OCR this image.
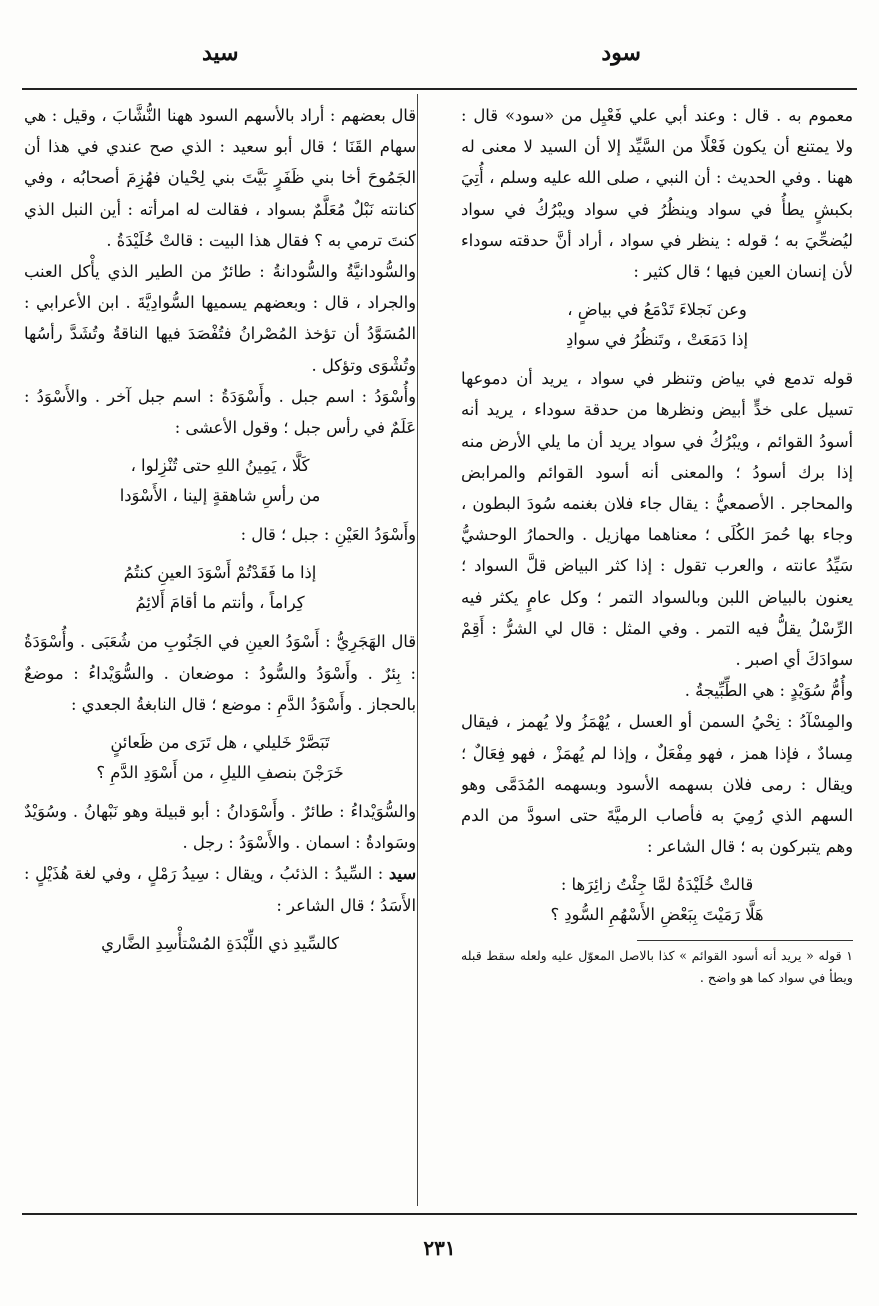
سود
سيد

معموم به . قال : وعند أبي علي فَعْيِل من «سود» قال : ولا يمتنع أن يكون فَعْلًا من السَّيِّد إلا أن السيد لا معنى له ههنا . وفي الحديث : أن النبي ، صلى الله عليه وسلم ، أُتِيَ بكبشٍ يطأُ في سواد وينظُرُ في سواد ويبْرُكُ في سواد ليُضحِّيَ به ؛ قوله : ينظر في سواد ، أراد أنَّ حدقته سوداء لأن إنسان العين فيها ؛ قال كثير :

وعن نَجلاءَ تَدْمَعُ في بياضٍ ،
إذا دَمَعَتْ ، وتَنظُرُ في سوادِ

قوله تدمع في بياض وتنظر في سواد ، يريد أن دموعها تسيل على خدٍّ أبيض ونظرها من حدقة سوداء ، يريد أنه أسودُ القوائم ، ويبْرُكُ في سواد يريد أن ما يلي الأرض منه إذا برك أسودُ ؛ والمعنى أنه أسود القوائم والمرابض والمحاجر . الأصمعيُّ : يقال جاء فلان بغنمه سُودَ البطون ، وجاء بها حُمرَ الكُلَى ؛ معناهما مهازيل . والحمارُ الوحشيُّ سَيِّدُ عانته ، والعرب تقول : إذا كثر البياض قلَّ السواد ؛ يعنون بالبياض اللبن وبالسواد التمر ؛ وكل عامٍ يكثر فيه الرِّسْلُ يقلُّ فيه التمر . وفي المثل : قال لي الشرُّ : أَقِمْ سوادَكَ أي اصبر .

وأُمُّ سُوَيْدٍ : هي الطِّبِّيجةُ .

والمِسْآدُ : نِحْيُ السمن أو العسل ، يُهْمَزُ ولا يُهمز ، فيقال مِسادٌ ، فإذا همز ، فهو مِفْعَلٌ ، وإذا لم يُهمَزْ ، فهو فِعَالٌ ؛ ويقال : رمى فلان بسهمه الأسود وبسهمه المُدَمَّى وهو السهم الذي رُمِيَ به فأصاب الرميَّةَ حتى اسودَّ من الدم وهم يتبركون به ؛ قال الشاعر :

قالتْ خُلَيْدَةُ لمَّا جِئْتُ زائِرَها :
هَلَّا رَمَيْتَ بِبَعْضِ الأَسْهُمِ السُّودِ ؟

١ قوله « يريد أنه أسود القوائم » كذا بالاصل المعوّل عليه ولعله سقط قبله ويطأ في سواد كما هو واضح .

قال بعضهم : أراد بالأسهم السود ههنا النُّشَّابَ ، وقيل : هي سهام القَنَا ؛ قال أبو سعيد : الذي صح عندي في هذا أن الجَمُوحَ أخا بني ظَفَرٍ بَيَّتَ بني لِحْيان فهُزِمَ أصحابُه ، وفي كنانته نَبْلٌ مُعَلَّمٌ بسواد ، فقالت له امرأته : أين النبل الذي كنتَ ترمي به ؟ فقال هذا البيت : قالتْ خُلَيْدَةُ .

والسُّودانيَّةُ والسُّودانةُ : طائرٌ من الطير الذي يأْكل العنب والجراد ، قال : وبعضهم يسميها السُّوادِيَّةَ . ابن الأعرابي : المُسَوَّدُ أن تؤخذ المُصْرانُ فتُفْصَدَ فيها الناقةُ وتُشَدَّ رأسُها وتُشْوَى وتؤكل .

وأُسْوَدُ : اسم جبل . وأَسْوَدَةُ : اسم جبل آخر . والأَسْوَدُ : عَلَمٌ في رأس جبل ؛ وقول الأعشى :

كَلَّا ، يَمِينُ اللهِ حتى تُنْزِلوا ،
من رأسِ شاهقةٍ إلينا ، الأَسْوَدا

وأَسْوَدُ العَيْنِ : جبل ؛ قال :

إذا ما فَقَدْتُمْ أَسْوَدَ العينِ كنتُمُ
كِراماً ، وأنتم ما أقامَ أَلائِمُ

قال الهَجَرِيُّ : أَسْوَدُ العينِ في الجَنُوبِ من شُعَبَى . وأُسْوَدَةُ : بِئرٌ . وأَسْوَدُ والسُّودُ : موضعان . والسُّوَيْداءُ : موضعٌ بالحجاز . وأَسْوَدُ الدَّمِ : موضع ؛ قال النابغةُ الجعدي :

تَبَصَّرْ خَليلي ، هل تَرَى من ظَعائنٍ
خَرَجْنَ بنصفِ الليلِ ، من أَسْوَدِ الدَّمِ ؟

والسُّوَيْداءُ : طائرٌ . وأَسْوَدانُ : أبو قبيلة وهو نَبْهانُ . وسُوَيْدٌ وسَوادةُ : اسمان . والأَسْوَدُ : رجل .

سيد : السِّيدُ : الذئبُ ، ويقال : سِيدُ رَمْلٍ ، وفي لغة هُذَيْلٍ : الأَسَدُ ؛ قال الشاعر :

كالسِّيدِ ذي اللِّبْدَةِ المُسْتأْسِدِ الضَّاري
٢٣١
